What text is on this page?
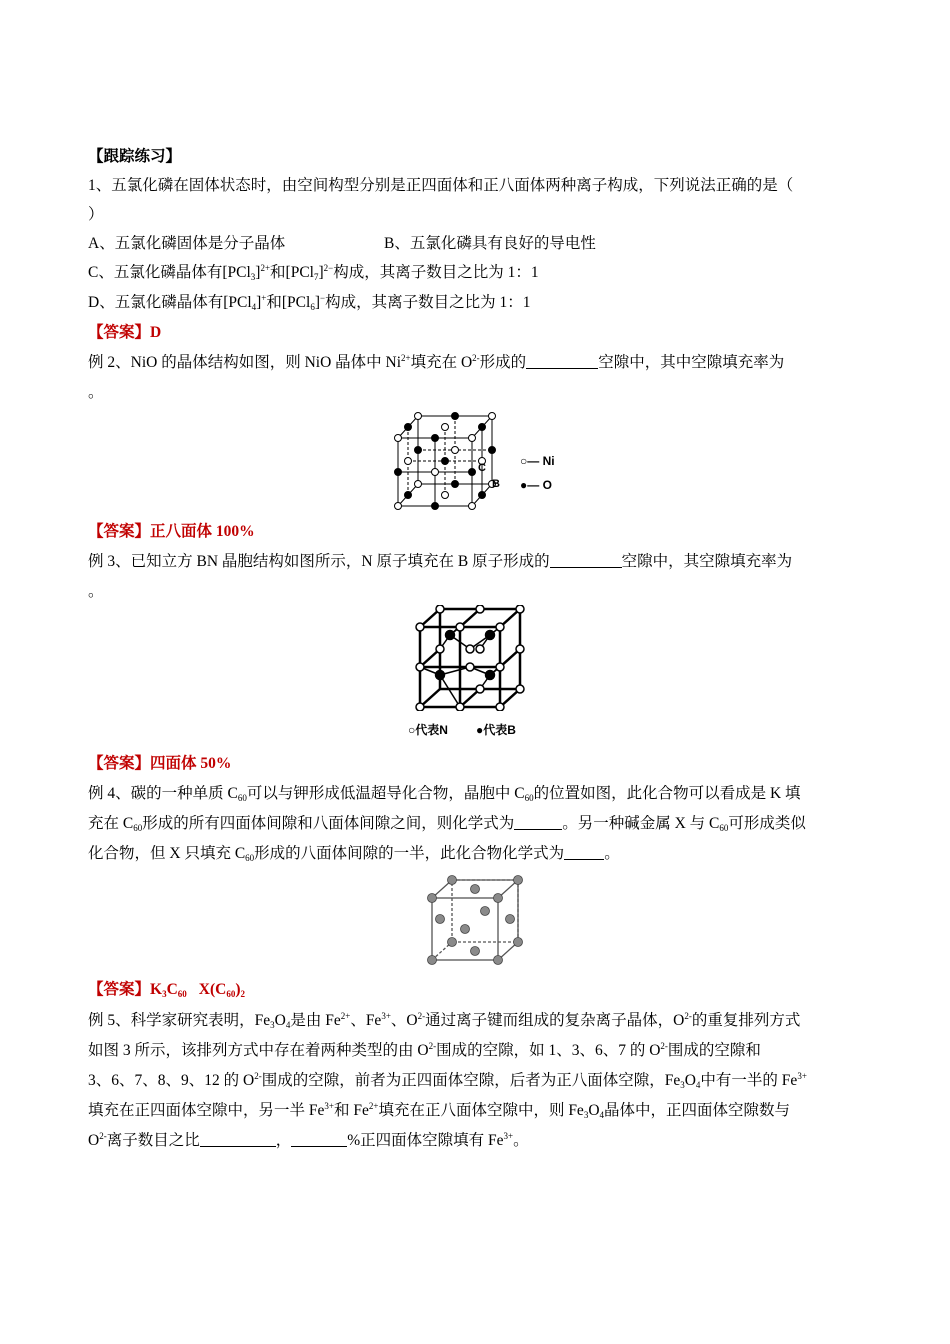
【跟踪练习】
1、五氯化磷在固体状态时，由空间构型分别是正四面体和正八面体两种离子构成，下列说法正确的是（
）
A、五氯化磷固体是分子晶体	B、五氯化磷具有良好的导电性
C、五氯化磷晶体有$[PCl_3]^{2+}$和$[PCl_7]^{2-}$构成，其离子数目之比为 1：1
D、五氯化磷晶体有[PCl$_4$]+和[PCl$_6$]−构成，其离子数目之比为 1：1
【答案】D
例 2、NiO 的晶体结构如图，则 NiO 晶体中 $Ni^{2+}$填充在 $O^{2-}$形成的	空隙中，其中空隙填充率为
。
C
B
○— Ni
●— O
【答案】正八面体 100%
例 3、已知立方 BN 晶胞结构如图所示，N 原子填充在 B 原子形成的	空隙中，其空隙填充率为
。
○代表N ●代表B
【答案】四面体 50%
例 4、碳的一种单质 $C_{60}$可以与钾形成低温超导化合物，晶胞中 $C_{60}$的位置如图，此化合物可以看成是 K 填
充在 $C_{60}$形成的所有四面体间隙和八面体间隙之间，则化学式为	。另一种碱金属 X 与 $C_{60}$可形成类似
化合物，但 X 只填充 $C_{60}$形成的八面体间隙的一半，此化合物化学式为	。
【答案】$K_3C_{60}$ $X(C_{60})_2$
例 5、科学家研究表明，$Fe_3O_4$是由 $Fe^{2+}$、$Fe^{3+}$、$O^{2-}$通过离子键而组成的复杂离子晶体，$O^{2-}$的重复排列方式
如图 3 所示，该排列方式中存在着两种类型的由 $O^{2-}$围成的空隙，如 1、3、6、7 的 $O^{2-}$围成的空隙和
3、6、7、8、9、12 的 $O^{2-}$围成的空隙，前者为正四面体空隙，后者为正八面体空隙，$Fe_3O_4$中有一半的 $Fe^{3+}$
填充在正四面体空隙中，另一半 $Fe^{3+}$和 $Fe^{2+}$填充在正八面体空隙中，则 $Fe_3O_4$晶体中，正四面体空隙数与
$O^{2-}$离子数目之比	，	%正四面体空隙填有 $Fe^{3+}$。
